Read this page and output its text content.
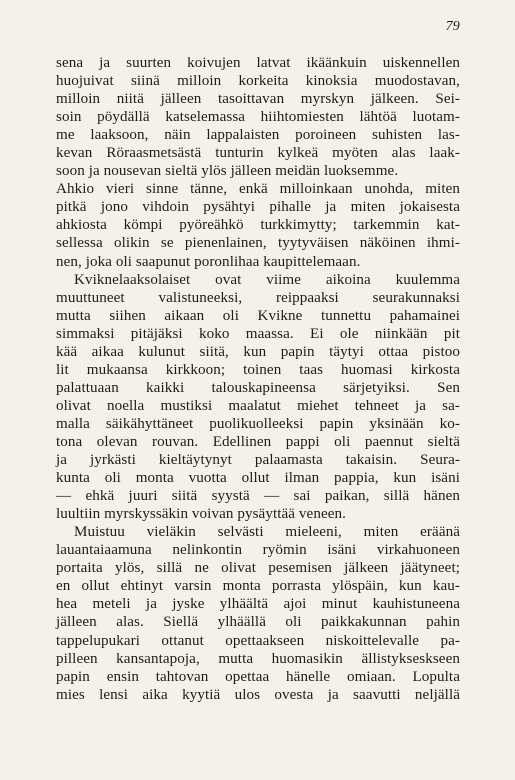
79
sena ja suurten koivujen latvat ikäänkuin uiskennellen
huojuivat siinä milloin korkeita kinoksia muodostavan,
milloin niitä jälleen tasoittavan myrskyn jälkeen. Sei-
soin pöydällä katselemassa hiihtomiesten lähtöä luotam-
me laaksoon, näin lappalaisten poroineen suhisten las-
kevan Röraasmetsästä tunturin kylkeä myöten alas laak-
soon ja nousevan sieltä ylös jälleen meidän luoksemme.
Ahkio vieri sinne tänne, enkä milloinkaan unohda, miten
pitkä jono vihdoin pysähtyi pihalle ja miten jokaisesta
ahkiosta kömpi pyöreähkö turkkimytty; tarkemmin kat-
sellessa olikin se pienenlainen, tyytyväisen näköinen ihmi-
nen, joka oli saapunut poronlihaa kaupittelemaan.
Kviknelaaksolaiset ovat viime aikoina kuulemma
muuttuneet valistuneeksi, reippaaksi seurakunnaksi
mutta siihen aikaan oli Kvikne tunnettu pahamainei
simmaksi pitäjäksi koko maassa. Ei ole niinkään pit
kää aikaa kulunut siitä, kun papin täytyi ottaa pistoo
lit mukaansa kirkkoon; toinen taas huomasi kirkosta
palattuaan kaikki talouskapineensa särjetyiksi. Sen
olivat noella mustiksi maalatut miehet tehneet ja sa-
malla säikähyttäneet puolikuolleeksi papin yksinään ko-
tona olevan rouvan. Edellinen pappi oli paennut sieltä
ja jyrkästi kieltäytynyt palaamasta takaisin. Seura-
kunta oli monta vuotta ollut ilman pappia, kun isäni
— ehkä juuri siitä syystä — sai paikan, sillä hänen
luultiin myrskyssäkin voivan pysäyttää veneen.
Muistuu vieläkin selvästi mieleeni, miten eräänä
lauantaiaamuna nelinkontin ryömin isäni virkahuoneen
portaita ylös, sillä ne olivat pesemisen jälkeen jäätyneet;
en ollut ehtinyt varsin monta porrasta ylöspäin, kun kau-
hea meteli ja jyske ylhäältä ajoi minut kauhistuneena
jälleen alas. Siellä ylhäällä oli paikkakunnan pahin
tappelupukari ottanut opettaakseen niskoittelevalle pa-
pilleen kansantapoja, mutta huomasikin ällistykseskseen
papin ensin tahtovan opettaa hänelle omiaan. Lopulta
mies lensi aika kyytiä ulos ovesta ja saavutti neljällä
